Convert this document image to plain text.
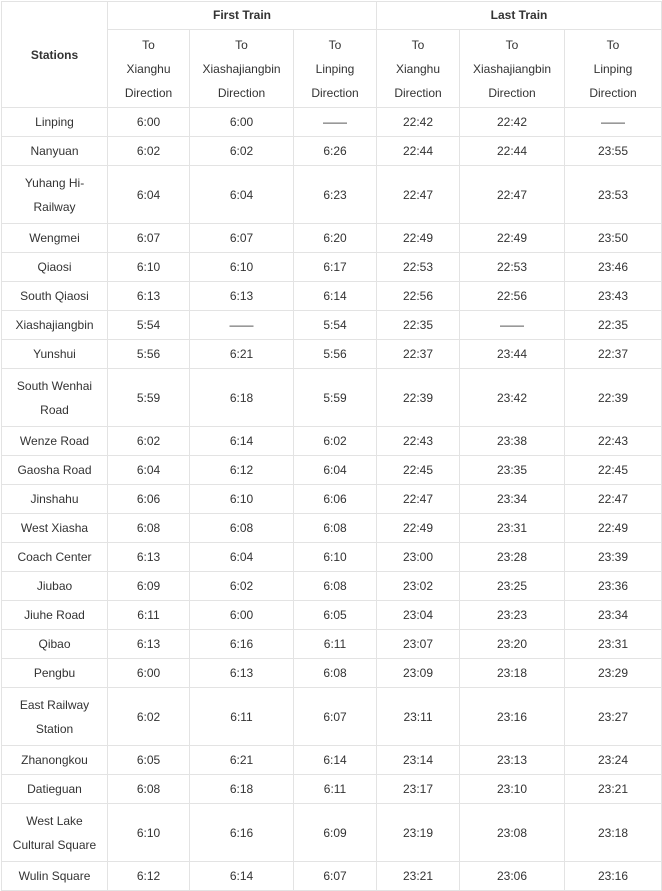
Stations	First Train			Last Train		

	To
Xianghu
Direction	To
Xiashajiangbin
Direction	To
Linping
Direction	To
Xianghu
Direction	To
Xiashajiangbin
Direction	To
Linping
Direction

Linping	6:00	6:00	——	22:42	22:42	——
Nanyuan	6:02	6:02	6:26	22:44	22:44	23:55
Yuhang Hi-Railway	6:04	6:04	6:23	22:47	22:47	23:53
Wengmei	6:07	6:07	6:20	22:49	22:49	23:50
Qiaosi	6:10	6:10	6:17	22:53	22:53	23:46
South Qiaosi	6:13	6:13	6:14	22:56	22:56	23:43
Xiashajiangbin	5:54	——	5:54	22:35	——	22:35
Yunshui	5:56	6:21	5:56	22:37	23:44	22:37
South Wenhai Road	5:59	6:18	5:59	22:39	23:42	22:39
Wenze Road	6:02	6:14	6:02	22:43	23:38	22:43
Gaosha Road	6:04	6:12	6:04	22:45	23:35	22:45
Jinshahu	6:06	6:10	6:06	22:47	23:34	22:47
West Xiasha	6:08	6:08	6:08	22:49	23:31	22:49
Coach Center	6:13	6:04	6:10	23:00	23:28	23:39
Jiubao	6:09	6:02	6:08	23:02	23:25	23:36
Jiuhe Road	6:11	6:00	6:05	23:04	23:23	23:34
Qibao	6:13	6:16	6:11	23:07	23:20	23:31
Pengbu	6:00	6:13	6:08	23:09	23:18	23:29
East Railway Station	6:02	6:11	6:07	23:11	23:16	23:27
Zhanongkou	6:05	6:21	6:14	23:14	23:13	23:24
Datieguan	6:08	6:18	6:11	23:17	23:10	23:21
West Lake Cultural Square	6:10	6:16	6:09	23:19	23:08	23:18
Wulin Square	6:12	6:14	6:07	23:21	23:06	23:16
